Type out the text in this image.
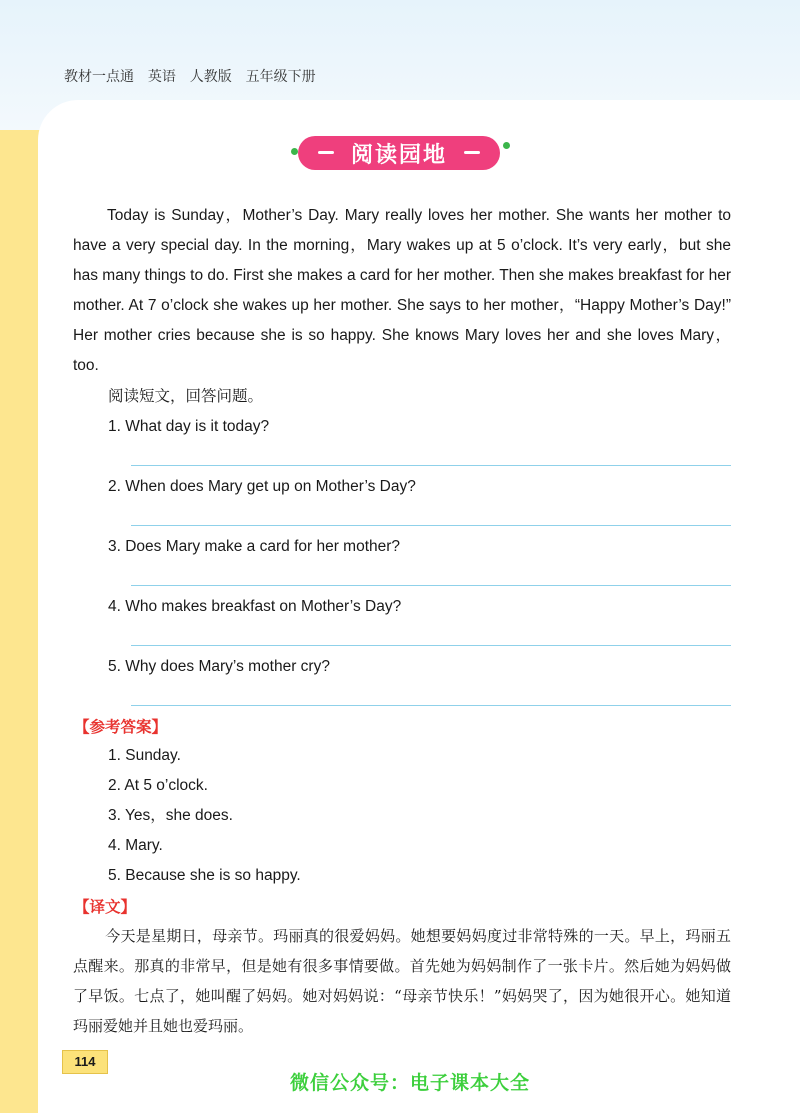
教材一点通 英语 人教版 五年级下册
阅读园地
Today is Sunday，Mother’s Day. Mary really loves her mother. She wants her mother to have a very special day. In the morning，Mary wakes up at 5 o’clock. It’s very early，but she has many things to do. First she makes a card for her mother. Then she makes breakfast for her mother. At 7 o’clock she wakes up her mother. She says to her mother，“Happy Mother’s Day!” Her mother cries because she is so happy. She knows Mary loves her and she loves Mary，too.
阅读短文，回答问题。
1. What day is it today?
2. When does Mary get up on Mother’s Day?
3. Does Mary make a card for her mother?
4. Who makes breakfast on Mother’s Day?
5. Why does Mary’s mother cry?
【参考答案】
1. Sunday.
2. At 5 o’clock.
3. Yes，she does.
4. Mary.
5. Because she is so happy.
【译文】
今天是星期日，母亲节。玛丽真的很爱妈妈。她想要妈妈度过非常特殊的一天。早上，玛丽五点醒来。那真的非常早，但是她有很多事情要做。首先她为妈妈制作了一张卡片。然后她为妈妈做了早饭。七点了，她叫醒了妈妈。她对妈妈说：“母亲节快乐！”妈妈哭了，因为她很开心。她知道玛丽爱她并且她也爱玛丽。
114
微信公众号：电子课本大全
